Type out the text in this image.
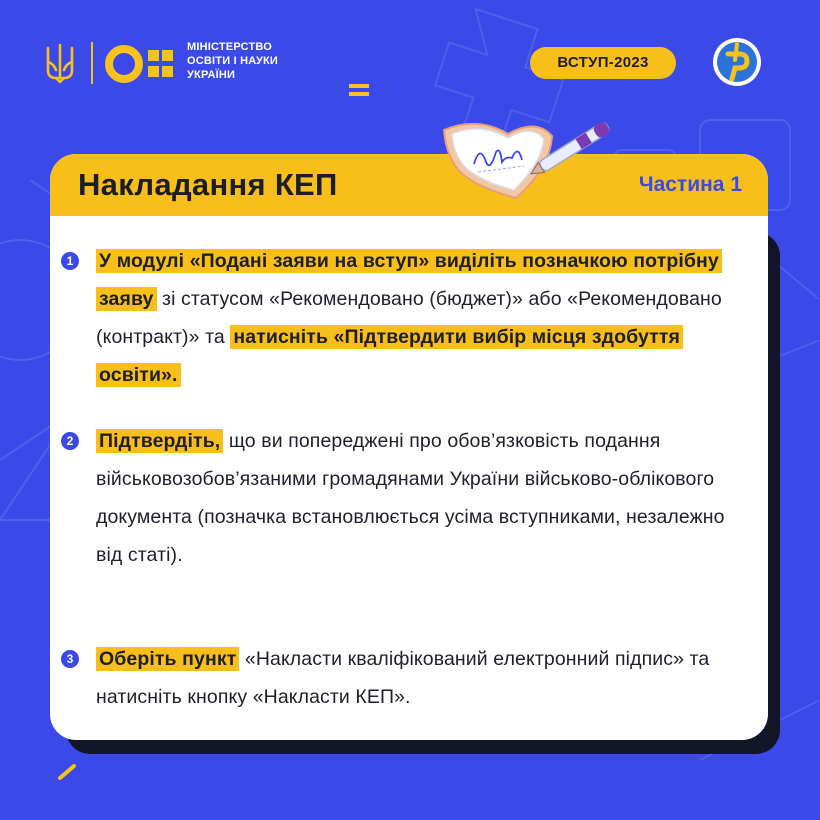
МІНІСТЕРСТВО
ОСВІТИ І НАУКИ
УКРАЇНИ
ВСТУП-2023
Накладання КЕП	Частина 1
1 У модулі «Подані заяви на вступ» виділіть позначкою потрібну заяву зі статусом «Рекомендовано (бюджет)» або «Рекомендовано (контракт)» та натисніть «Підтвердити вибір місця здобуття освіти».

2 Підтвердіть, що ви попереджені про обов’язковість подання військовозобов’язаними громадянами України військово-облікового документа (позначка встановлюється усіма вступниками, незалежно від статі).

3 Оберіть пункт «Накласти кваліфікований електронний підпис» та натисніть кнопку «Накласти КЕП».
